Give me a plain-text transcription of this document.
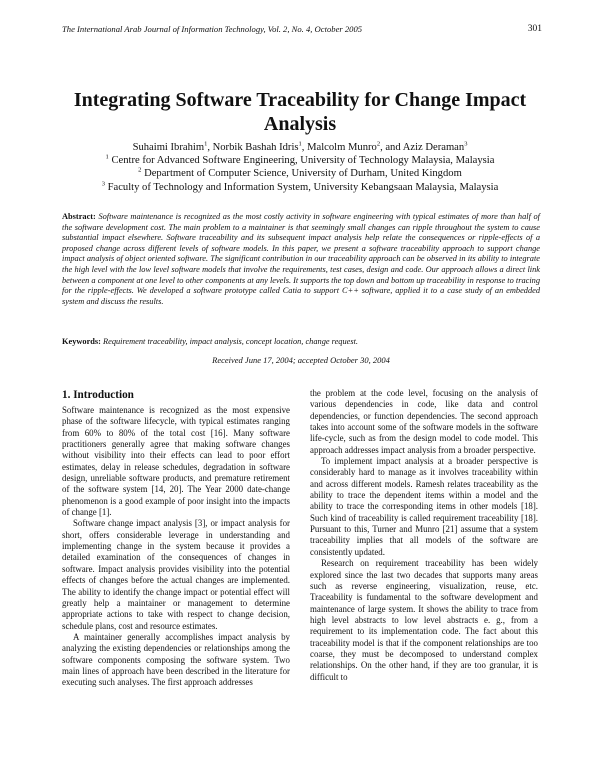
The International Arab Journal of Information Technology, Vol. 2, No. 4, October 2005	301
Integrating Software Traceability for Change Impact Analysis
Suhaimi Ibrahim$^1$, Norbik Bashah Idris$^1$, Malcolm Munro$^2$, and Aziz Deraman$^3$
$^1$ Centre for Advanced Software Engineering, University of Technology Malaysia, Malaysia
$^2$ Department of Computer Science, University of Durham, United Kingdom
$^3$ Faculty of Technology and Information System, University Kebangsaan Malaysia, Malaysia

Abstract: Software maintenance is recognized as the most costly activity in software engineering with typical estimates of more than half of the software development cost. The main problem to a maintainer is that seemingly small changes can ripple throughout the system to cause substantial impact elsewhere. Software traceability and its subsequent impact analysis help relate the consequences or ripple-effects of a proposed change across different levels of software models. In this paper, we present a software traceability approach to support change impact analysis of object oriented software. The significant contribution in our traceability approach can be observed in its ability to integrate the high level with the low level software models that involve the requirements, test cases, design and code. Our approach allows a direct link between a component at one level to other components at any levels. It supports the top down and bottom up traceability in response to tracing for the ripple-effects. We developed a software prototype called Catia to support C++ software, applied it to a case study of an embedded system and discuss the results.

Keywords: Requirement traceability, impact analysis, concept location, change request.

Received June 17, 2004; accepted October 30, 2004
1. Introduction

Software maintenance is recognized as the most expensive phase of the software lifecycle, with typical estimates ranging from 60% to 80% of the total cost [16]. Many software practitioners generally agree that making software changes without visibility into their effects can lead to poor effort estimates, delay in release schedules, degradation in software design, unreliable software products, and premature retirement of the software system [14, 20]. The Year 2000 date-change phenomenon is a good example of poor insight into the impacts of change [1].

Software change impact analysis [3], or impact analysis for short, offers considerable leverage in understanding and implementing change in the system because it provides a detailed examination of the consequences of changes in software. Impact analysis provides visibility into the potential effects of changes before the actual changes are implemented. The ability to identify the change impact or potential effect will greatly help a maintainer or management to determine appropriate actions to take with respect to change decision, schedule plans, cost and resource estimates.

A maintainer generally accomplishes impact analysis by analyzing the existing dependencies or relationships among the software components composing the software system. Two main lines of approach have been described in the literature for executing such analyses. The first approach addresses

the problem at the code level, focusing on the analysis of various dependencies in code, like data and control dependencies, or function dependencies. The second approach takes into account some of the software models in the software life-cycle, such as from the design model to code model. This approach addresses impact analysis from a broader perspective.

To implement impact analysis at a broader perspective is considerably hard to manage as it involves traceability within and across different models. Ramesh relates traceability as the ability to trace the dependent items within a model and the ability to trace the corresponding items in other models [18]. Such kind of traceability is called requirement traceability [18]. Pursuant to this, Turner and Munro [21] assume that a system traceability implies that all models of the software are consistently updated.

Research on requirement traceability has been widely explored since the last two decades that supports many areas such as reverse engineering, visualization, reuse, etc. Traceability is fundamental to the software development and maintenance of large system. It shows the ability to trace from high level abstracts to low level abstracts e. g., from a requirement to its implementation code. The fact about this traceability model is that if the component relationships are too coarse, they must be decomposed to understand complex relationships. On the other hand, if they are too granular, it is difficult to
